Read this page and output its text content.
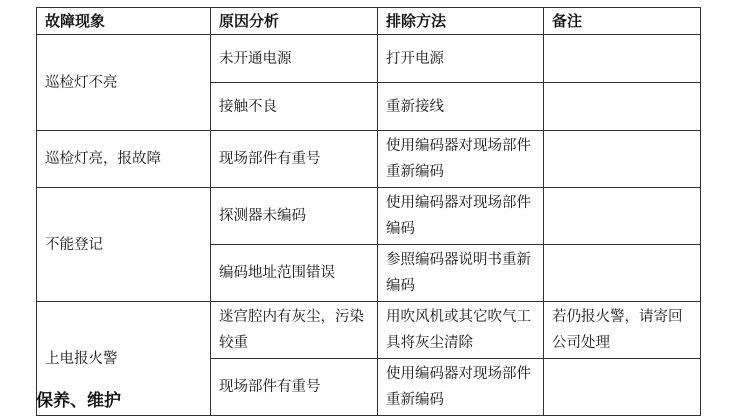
故障现象	原因分析	排除方法	备注
巡检灯不亮	未开通电源	打开电源	
	接触不良	重新接线	
巡检灯亮，报故障	现场部件有重号	使用编码器对现场部件重新编码	
不能登记	探测器未编码	使用编码器对现场部件编码	
	编码地址范围错误	参照编码器说明书重新编码	
上电报火警	迷宫腔内有灰尘，污染较重	用吹风机或其它吹气工具将灰尘清除	若仍报火警，请寄回公司处理
	现场部件有重号	使用编码器对现场部件重新编码	
保养、维护
